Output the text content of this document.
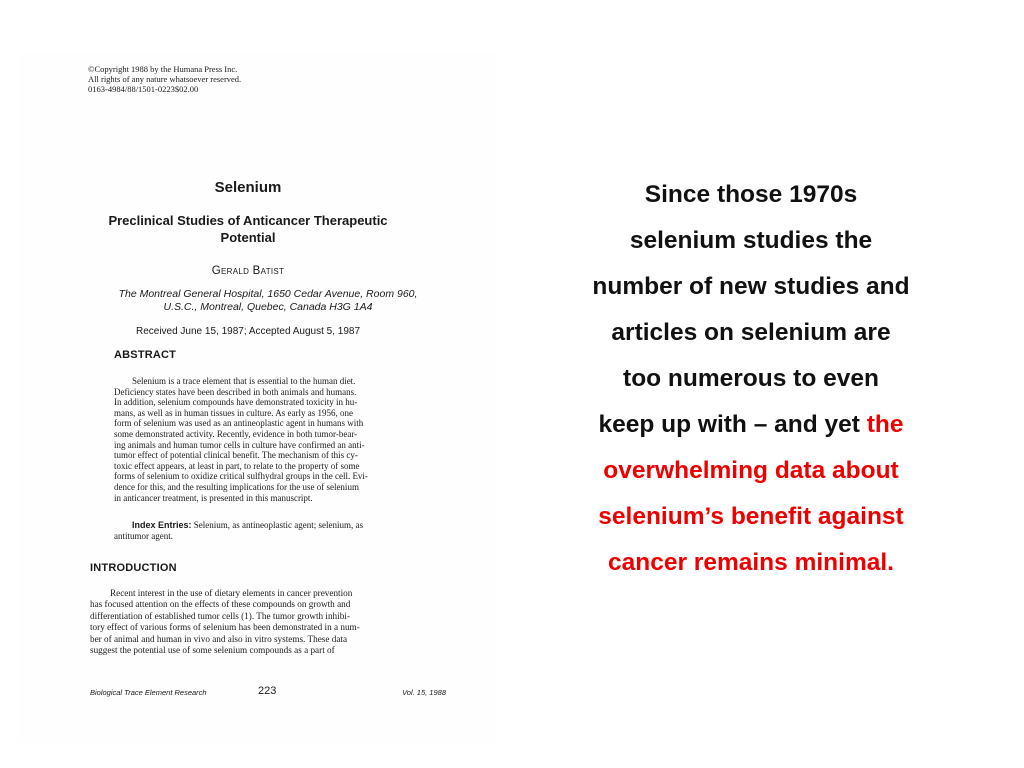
©Copyright 1988 by the Humana Press Inc.
All rights of any nature whatsoever reserved.
0163-4984/88/1501-0223$02.00
Selenium
Preclinical Studies of Anticancer Therapeutic Potential
Gerald Batist
The Montreal General Hospital, 1650 Cedar Avenue, Room 960,
U.S.C., Montreal, Quebec, Canada H3G 1A4
Received June 15, 1987; Accepted August 5, 1987
ABSTRACT
Selenium is a trace element that is essential to the human diet.
Deficiency states have been described in both animals and humans.
In addition, selenium compounds have demonstrated toxicity in hu-
mans, as well as in human tissues in culture. As early as 1956, one
form of selenium was used as an antineoplastic agent in humans with
some demonstrated activity. Recently, evidence in both tumor-bear-
ing animals and human tumor cells in culture have confirmed an anti-
tumor effect of potential clinical benefit. The mechanism of this cy-
toxic effect appears, at least in part, to relate to the property of some
forms of selenium to oxidize critical sulfhydral groups in the cell. Evi-
dence for this, and the resulting implications for the use of selenium
in anticancer treatment, is presented in this manuscript.
Index Entries: Selenium, as antineoplastic agent; selenium, as
antitumor agent.
INTRODUCTION
Recent interest in the use of dietary elements in cancer prevention
has focused attention on the effects of these compounds on growth and
differentiation of established tumor cells (1). The tumor growth inhibi-
tory effect of various forms of selenium has been demonstrated in a num-
ber of animal and human in vivo and also in vitro systems. These data
suggest the potential use of some selenium compounds as a part of
Biological Trace Element Research	223	Vol. 15, 1988
Since those 1970s
selenium studies the
number of new studies and
articles on selenium are
too numerous to even
keep up with – and yet the
overwhelming data about
selenium’s benefit against
cancer remains minimal.
